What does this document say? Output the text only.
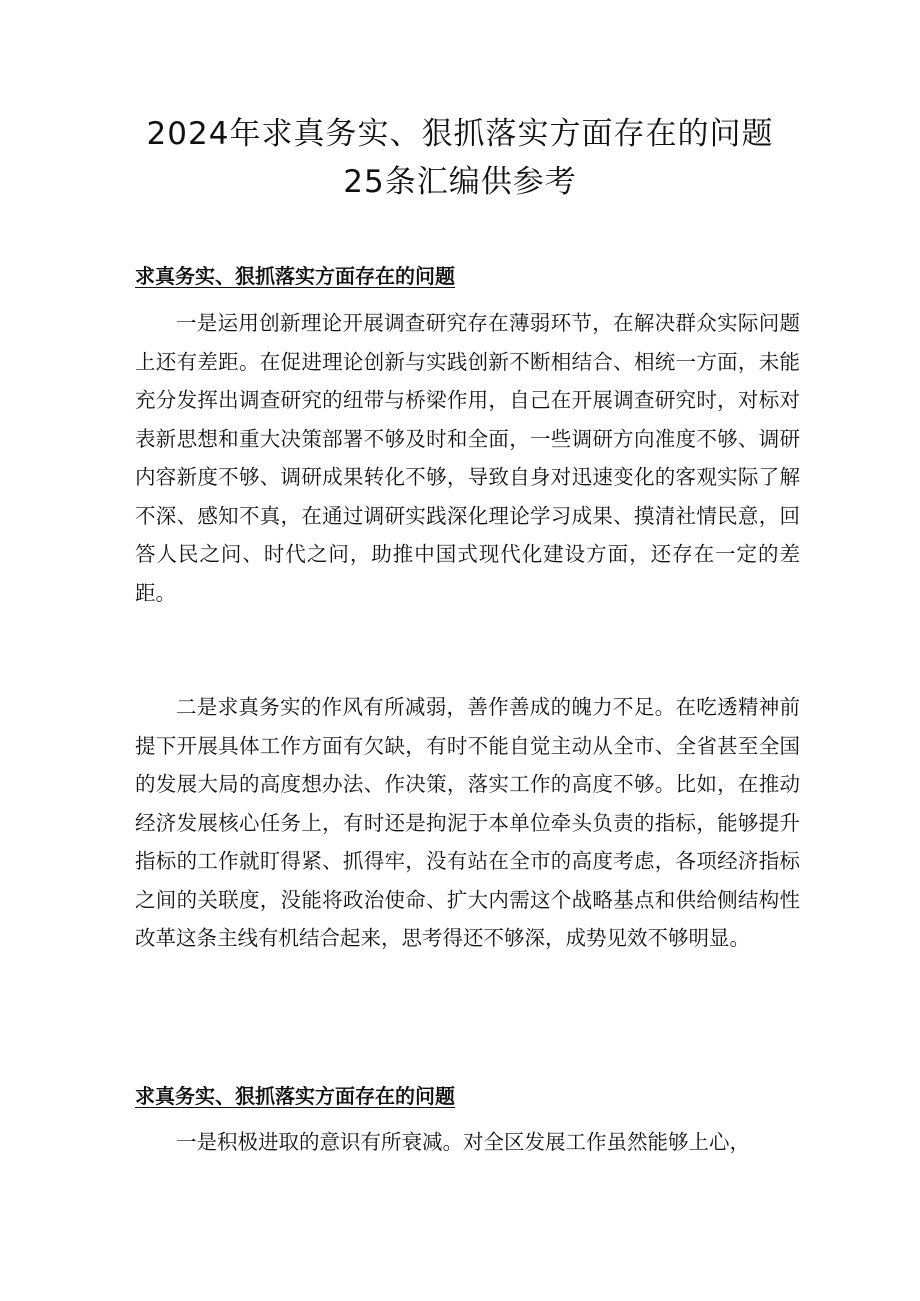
2024年求真务实、狠抓落实方面存在的问题
25条汇编供参考
求真务实、狠抓落实方面存在的问题

一是运用创新理论开展调查研究存在薄弱环节，在解决群众实际问题上还有差距。在促进理论创新与实践创新不断相结合、相统一方面，未能充分发挥出调查研究的纽带与桥梁作用，自己在开展调查研究时，对标对表新思想和重大决策部署不够及时和全面，一些调研方向准度不够、调研内容新度不够、调研成果转化不够，导致自身对迅速变化的客观实际了解不深、感知不真，在通过调研实践深化理论学习成果、摸清社情民意，回答人民之问、时代之问，助推中国式现代化建设方面，还存在一定的差距。

二是求真务实的作风有所减弱，善作善成的魄力不足。在吃透精神前提下开展具体工作方面有欠缺，有时不能自觉主动从全市、全省甚至全国的发展大局的高度想办法、作决策，落实工作的高度不够。比如，在推动经济发展核心任务上，有时还是拘泥于本单位牵头负责的指标，能够提升指标的工作就盯得紧、抓得牢，没有站在全市的高度考虑，各项经济指标之间的关联度，没能将政治使命、扩大内需这个战略基点和供给侧结构性改革这条主线有机结合起来，思考得还不够深，成势见效不够明显。

求真务实、狠抓落实方面存在的问题

一是积极进取的意识有所衰减。对全区发展工作虽然能够上心，
